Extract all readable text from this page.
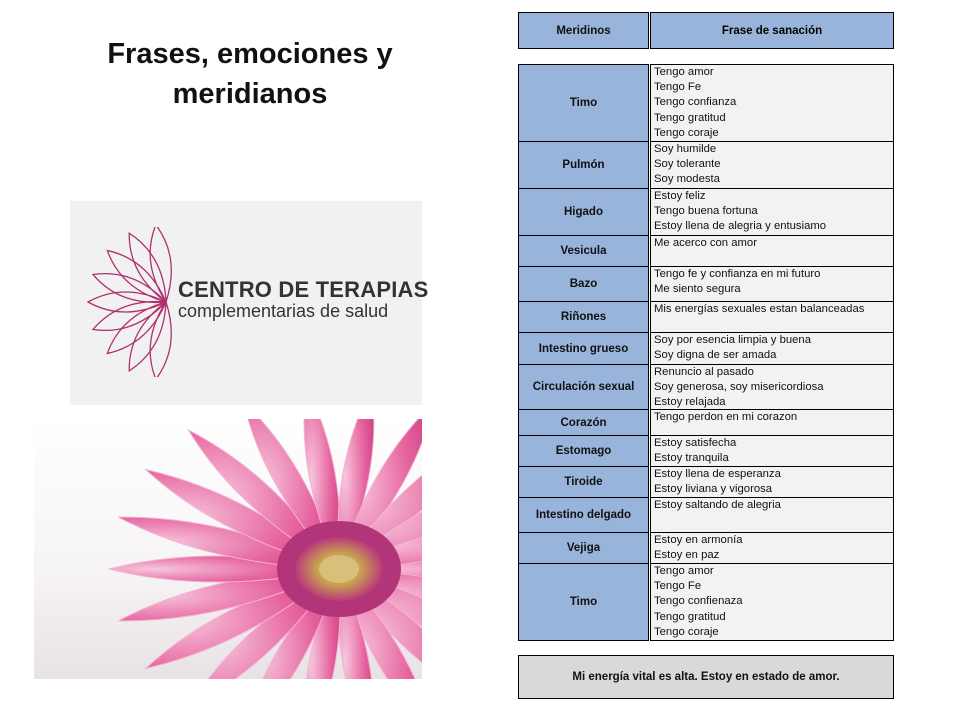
Frases, emociones y
meridianos
CENTRO DE TERAPIAS
complementarias de salud
Meridinos	Frase de sanación
Timo
Tengo amor
Tengo Fe
Tengo confianza
Tengo gratitud
Tengo coraje
Pulmón
Soy humilde
Soy tolerante
Soy modesta
Higado
Estoy feliz
Tengo buena fortuna
Estoy llena de alegria y entusiamo
Vesicula
Me acerco con amor
Bazo
Tengo fe y confianza en mi futuro
Me siento segura
Riñones
Mis energías sexuales estan balanceadas
Intestino grueso
Soy por esencia limpia y buena
Soy digna de ser amada
Circulación sexual
Renuncio al pasado
Soy generosa, soy misericordiosa
Estoy relajada
Corazón	Tengo perdon en mi corazon
Estomago
Estoy satisfecha
Estoy tranquila
Tiroide
Estoy llena de esperanza
Estoy liviana y vigorosa
Intestino delgado
Estoy saltando de alegria
Vejiga
Estoy en armonía
Estoy en paz
Timo
Tengo amor
Tengo Fe
Tengo confienaza
Tengo gratitud
Tengo coraje
Mi energía vital es alta. Estoy en estado de amor.
